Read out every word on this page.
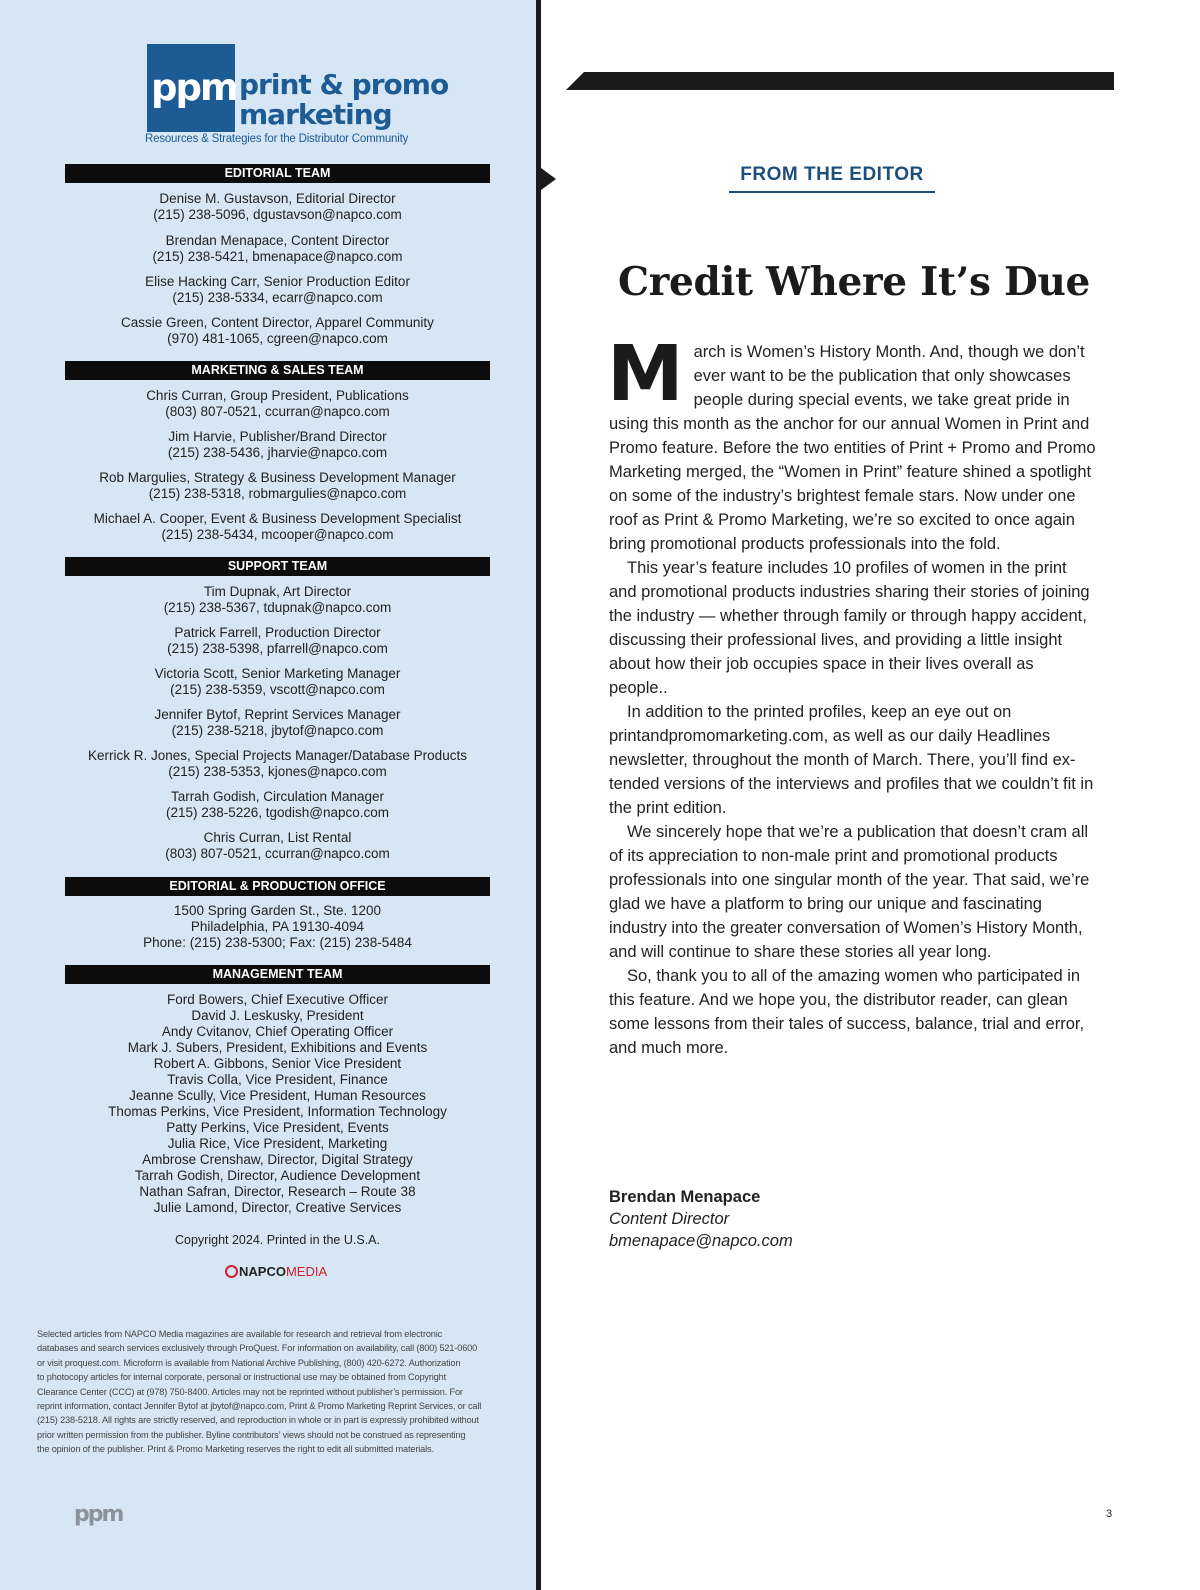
ppm print & promo
marketing
Resources & Strategies for the Distributor Community
EDITORIAL TEAM
Denise M. Gustavson, Editorial Director
(215) 238-5096, dgustavson@napco.com
Brendan Menapace, Content Director
(215) 238-5421, bmenapace@napco.com
Elise Hacking Carr, Senior Production Editor
(215) 238-5334, ecarr@napco.com
Cassie Green, Content Director, Apparel Community
(970) 481-1065, cgreen@napco.com
MARKETING & SALES TEAM
Chris Curran, Group President, Publications
(803) 807-0521, ccurran@napco.com
Jim Harvie, Publisher/Brand Director
(215) 238-5436, jharvie@napco.com
Rob Margulies, Strategy & Business Development Manager
(215) 238-5318, robmargulies@napco.com
Michael A. Cooper, Event & Business Development Specialist
(215) 238-5434, mcooper@napco.com
SUPPORT TEAM
Tim Dupnak, Art Director
(215) 238-5367, tdupnak@napco.com
Patrick Farrell, Production Director
(215) 238-5398, pfarrell@napco.com
Victoria Scott, Senior Marketing Manager
(215) 238-5359, vscott@napco.com
Jennifer Bytof, Reprint Services Manager
(215) 238-5218, jbytof@napco.com
Kerrick R. Jones, Special Projects Manager/Database Products
(215) 238-5353, kjones@napco.com
Tarrah Godish, Circulation Manager
(215) 238-5226, tgodish@napco.com
Chris Curran, List Rental
(803) 807-0521, ccurran@napco.com
EDITORIAL & PRODUCTION OFFICE
1500 Spring Garden St., Ste. 1200
Philadelphia, PA 19130-4094
Phone: (215) 238-5300; Fax: (215) 238-5484
MANAGEMENT TEAM
Ford Bowers, Chief Executive Officer
David J. Leskusky, President
Andy Cvitanov, Chief Operating Officer
Mark J. Subers, President, Exhibitions and Events
Robert A. Gibbons, Senior Vice President
Travis Colla, Vice President, Finance
Jeanne Scully, Vice President, Human Resources
Thomas Perkins, Vice President, Information Technology
Patty Perkins, Vice President, Events
Julia Rice, Vice President, Marketing
Ambrose Crenshaw, Director, Digital Strategy
Tarrah Godish, Director, Audience Development
Nathan Safran, Director, Research – Route 38
Julie Lamond, Director, Creative Services
Copyright 2024. Printed in the U.S.A.
NAPCOMEDIA
Selected articles from NAPCO Media magazines are available for research and retrieval from electronic
databases and search services exclusively through ProQuest. For information on availability, call (800) 521-0600
or visit proquest.com. Microform is available from National Archive Publishing, (800) 420-6272. Authorization
to photocopy articles for internal corporate, personal or instructional use may be obtained from Copyright
Clearance Center (CCC) at (978) 750-8400. Articles may not be reprinted without publisher’s permission. For
reprint information, contact Jennifer Bytof at jbytof@napco.com, Print & Promo Marketing Reprint Services, or call
(215) 238-5218. All rights are strictly reserved, and reproduction in whole or in part is expressly prohibited without
prior written permission from the publisher. Byline contributors’ views should not be construed as representing
the opinion of the publisher. Print & Promo Marketing reserves the right to edit all submitted materials.
ppm
FROM THE EDITOR
Credit Where It’s Due

March is Women’s History Month. And, though we don’t ever want to be the publication that only showcases people during special events, we take great pride in using this month as the anchor for our annual Women in Print and Promo feature. Before the two entities of Print + Promo and Promo Marketing merged, the “Women in Print” feature shined a spotlight on some of the industry’s brightest female stars. Now under one roof as Print & Promo Marketing, we’re so excited to once again bring promotional products professionals into the fold.

This year’s feature includes 10 profiles of women in the print and promotional products industries sharing their stories of joining the industry — whether through family or through happy accident, discussing their professional lives, and providing a little insight about how their job occupies space in their lives overall as people..

In addition to the printed profiles, keep an eye out on printandpromomarketing.com, as well as our daily Headlines newsletter, throughout the month of March. There, you’ll find extended versions of the interviews and profiles that we couldn’t fit in the print edition.

We sincerely hope that we’re a publication that doesn’t cram all of its appreciation to non-male print and promotional products professionals into one singular month of the year. That said, we’re glad we have a platform to bring our unique and fascinating industry into the greater conversation of Women’s History Month, and will continue to share these stories all year long.

So, thank you to all of the amazing women who participated in this feature. And we hope you, the distributor reader, can glean some lessons from their tales of success, balance, trial and error, and much more.

Brendan Menapace
Content Director
bmenapace@napco.com
3
